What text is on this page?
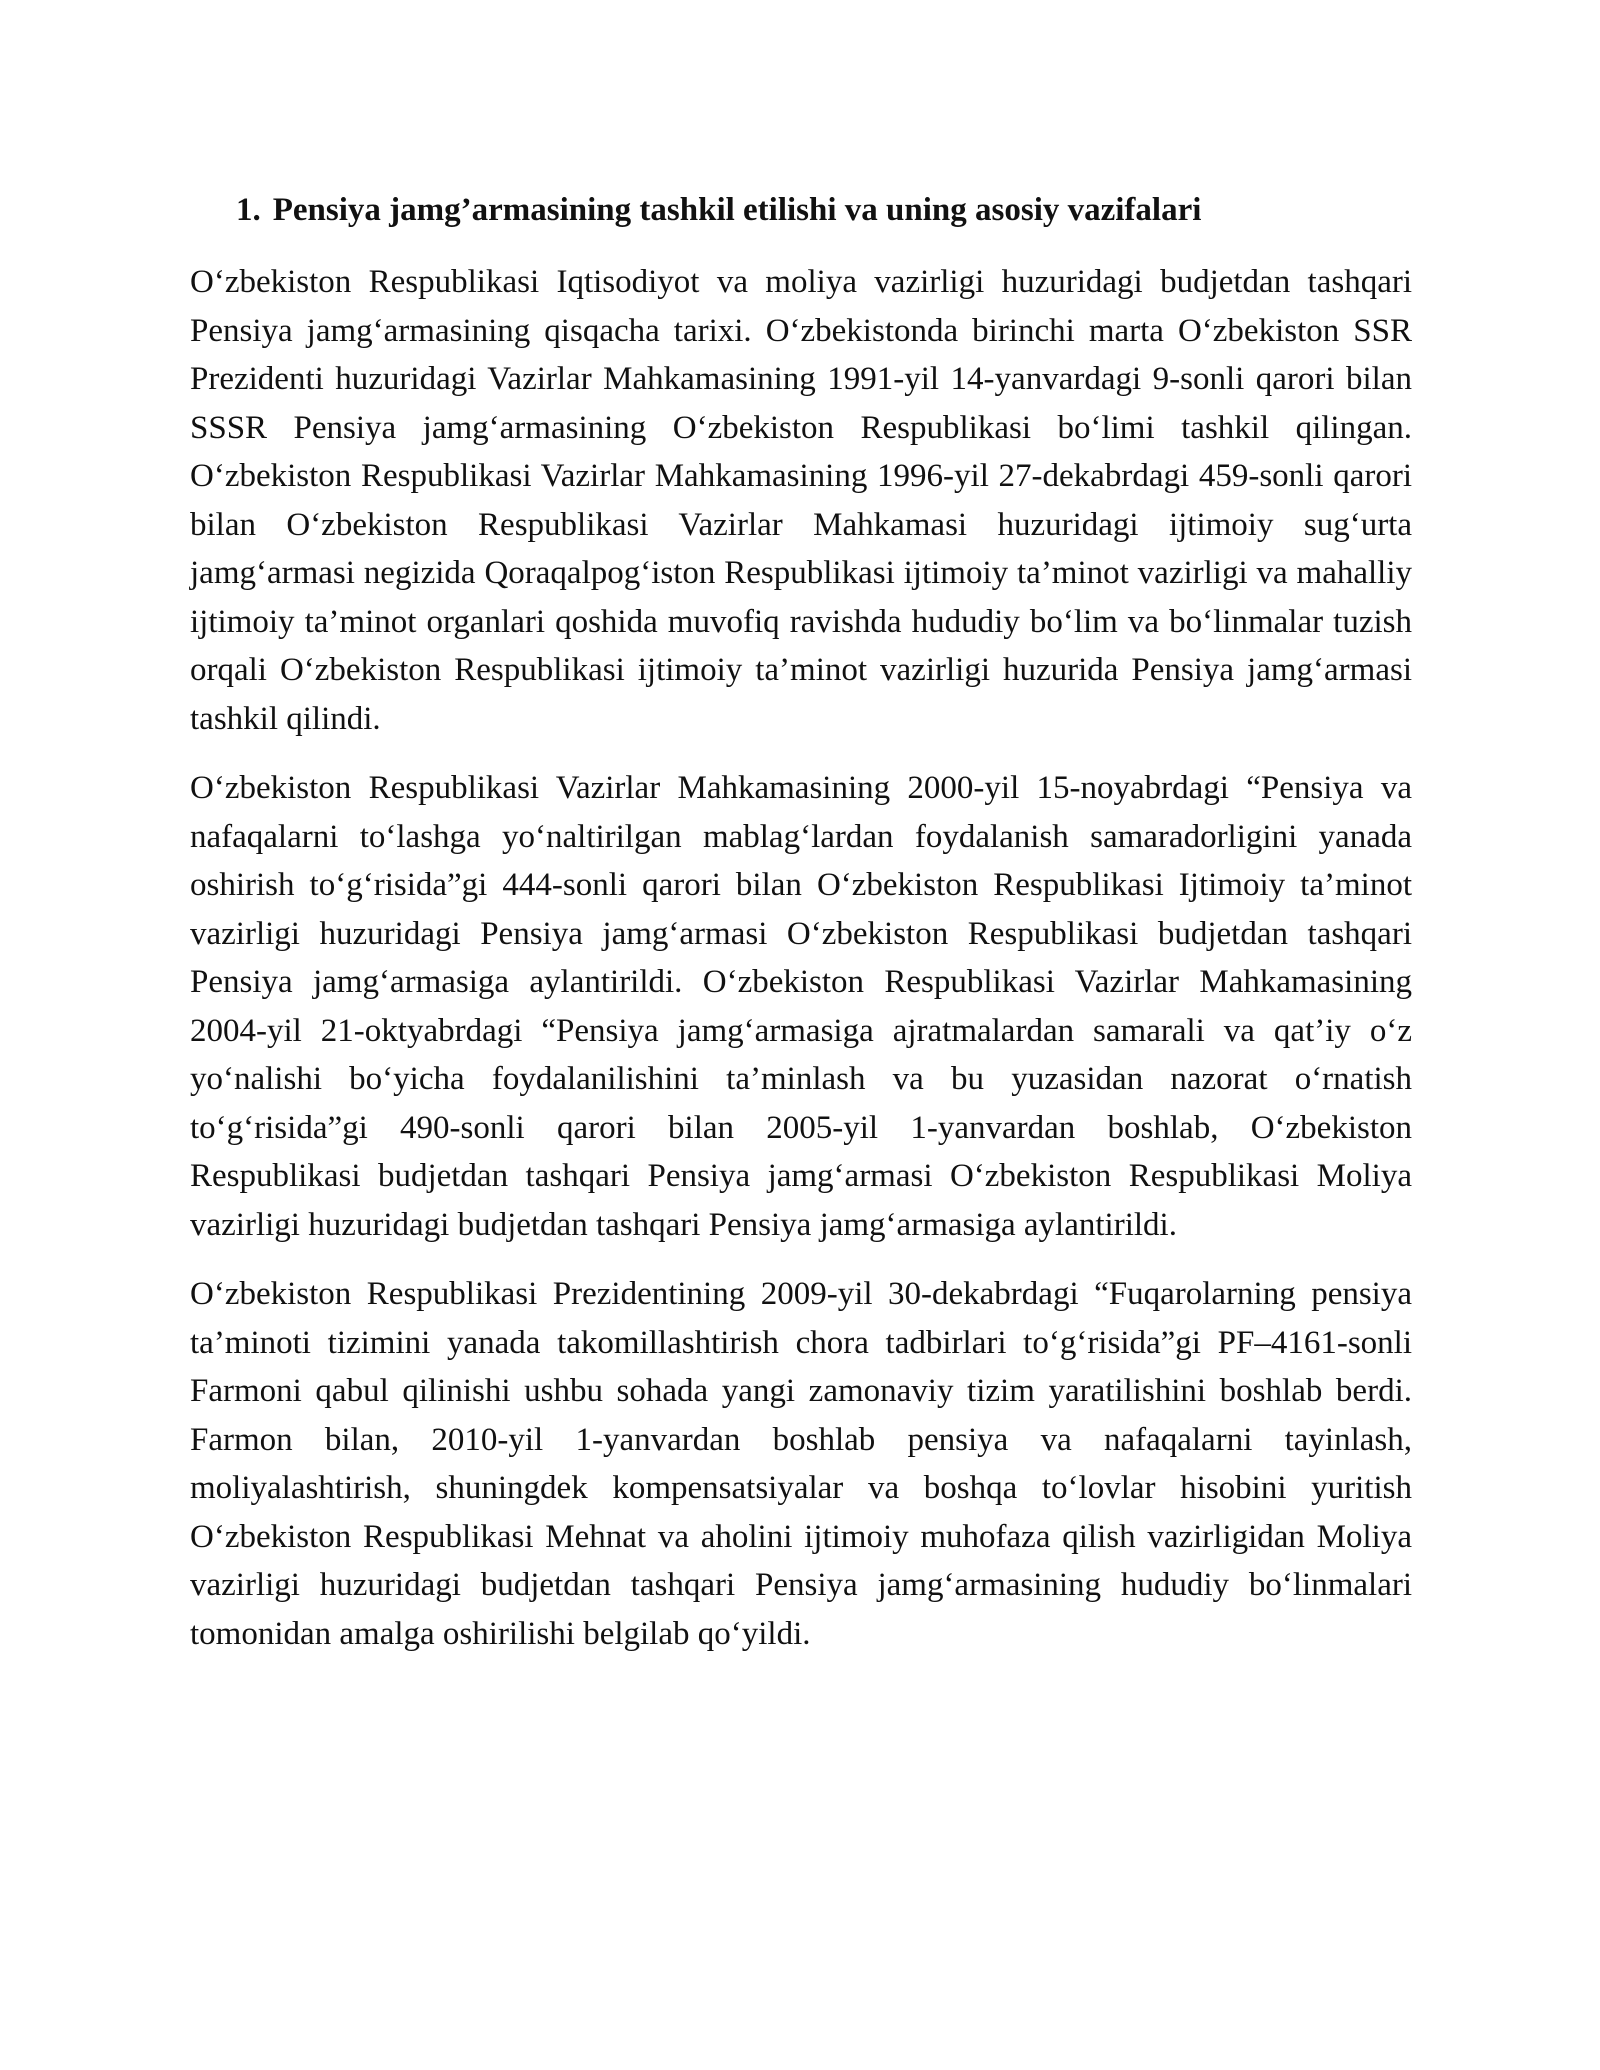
1. Pensiya jamg’armasining tashkil etilishi va uning asosiy vazifalari

O‘zbekiston Respublikasi Iqtisodiyot va moliya vazirligi huzuridagi budjetdan tashqari Pensiya jamg‘armasining qisqacha tarixi. O‘zbekistonda birinchi marta O‘zbekiston SSR Prezidenti huzuridagi Vazirlar Mahkamasining 1991-yil 14-yanvardagi 9-sonli qarori bilan SSSR Pensiya jamg‘armasining O‘zbekiston Respublikasi bo‘limi tashkil qilingan. O‘zbekiston Respublikasi Vazirlar Mahkamasining 1996-yil 27-dekabrdagi 459-sonli qarori bilan O‘zbekiston Respublikasi Vazirlar Mahkamasi huzuridagi ijtimoiy sug‘urta jamg‘armasi negizida Qoraqalpog‘iston Respublikasi ijtimoiy ta’minot vazirligi va mahalliy ijtimoiy ta’minot organlari qoshida muvofiq ravishda hududiy bo‘lim va bo‘linmalar tuzish orqali O‘zbekiston Respublikasi ijtimoiy ta’minot vazirligi huzurida Pensiya jamg‘armasi tashkil qilindi.

O‘zbekiston Respublikasi Vazirlar Mahkamasining 2000-yil 15-noyabrdagi “Pensiya va nafaqalarni to‘lashga yo‘naltirilgan mablag‘lardan foydalanish samaradorligini yanada oshirish to‘g‘risida”gi 444-sonli qarori bilan O‘zbekiston Respublikasi Ijtimoiy ta’minot vazirligi huzuridagi Pensiya jamg‘armasi O‘zbekiston Respublikasi budjetdan tashqari Pensiya jamg‘armasiga aylantirildi. O‘zbekiston Respublikasi Vazirlar Mahkamasining 2004-yil 21-oktyabrdagi “Pensiya jamg‘armasiga ajratmalardan samarali va qat’iy o‘z yo‘nalishi bo‘yicha foydalanilishini ta’minlash va bu yuzasidan nazorat o‘rnatish to‘g‘risida”gi 490-sonli qarori bilan 2005-yil 1-yanvardan boshlab, O‘zbekiston Respublikasi budjetdan tashqari Pensiya jamg‘armasi O‘zbekiston Respublikasi Moliya vazirligi huzuridagi budjetdan tashqari Pensiya jamg‘armasiga aylantirildi.

O‘zbekiston Respublikasi Prezidentining 2009-yil 30-dekabrdagi “Fuqarolarning pensiya ta’minoti tizimini yanada takomillashtirish chora tadbirlari to‘g‘risida”gi PF–4161-sonli Farmoni qabul qilinishi ushbu sohada yangi zamonaviy tizim yaratilishini boshlab berdi. Farmon bilan, 2010-yil 1-yanvardan boshlab pensiya va nafaqalarni tayinlash, moliyalashtirish, shuningdek kompensatsiyalar va boshqa to‘lovlar hisobini yuritish O‘zbekiston Respublikasi Mehnat va aholini ijtimoiy muhofaza qilish vazirligidan Moliya vazirligi huzuridagi budjetdan tashqari Pensiya jamg‘armasining hududiy bo‘linmalari tomonidan amalga oshirilishi belgilab qo‘yildi.
